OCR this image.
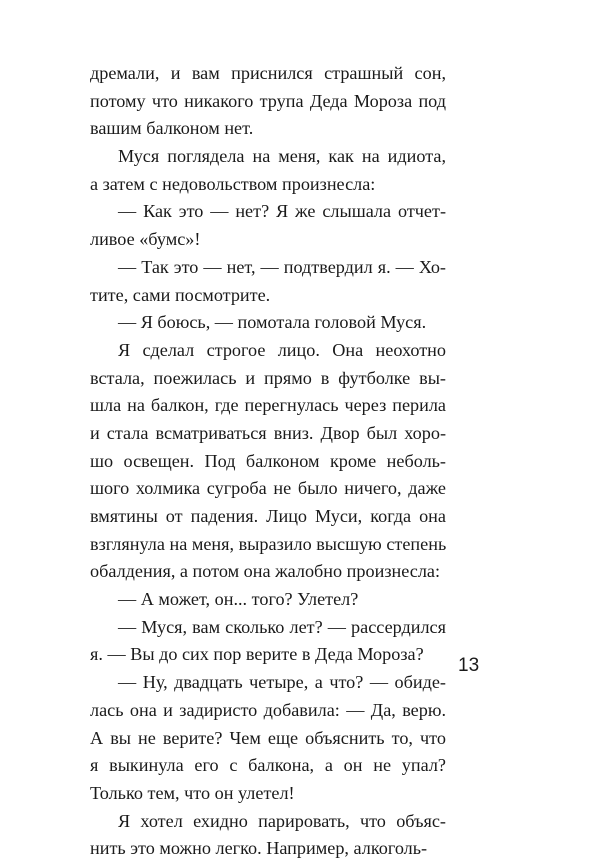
дремали, и вам приснился страшный сон,
потому что никакого трупа Деда Мороза под
вашим балконом нет.
Муся поглядела на меня, как на идиота,
а затем с недовольством произнесла:
— Как это — нет? Я же слышала отчет-
ливое «бумс»!
— Так это — нет, — подтвердил я. — Хо-
тите, сами посмотрите.
— Я боюсь, — помотала головой Муся.
Я сделал строгое лицо. Она неохотно
встала, поежилась и прямо в футболке вы-
шла на балкон, где перегнулась через перила
и стала всматриваться вниз. Двор был хоро-
шо освещен. Под балконом кроме неболь-
шого холмика сугроба не было ничего, даже
вмятины от падения. Лицо Муси, когда она
взглянула на меня, выразило высшую степень
обалдения, а потом она жалобно произнесла:
— А может, он... того? Улетел?
— Муся, вам сколько лет? — рассердился
я. — Вы до сих пор верите в Деда Мороза?
— Ну, двадцать четыре, а что? — обиде-
лась она и задиристо добавила: — Да, верю.
А вы не верите? Чем еще объяснить то, что
я выкинула его с балкона, а он не упал?
Только тем, что он улетел!
Я хотел ехидно парировать, что объяс-
нить это можно легко. Например, алкоголь-
13
